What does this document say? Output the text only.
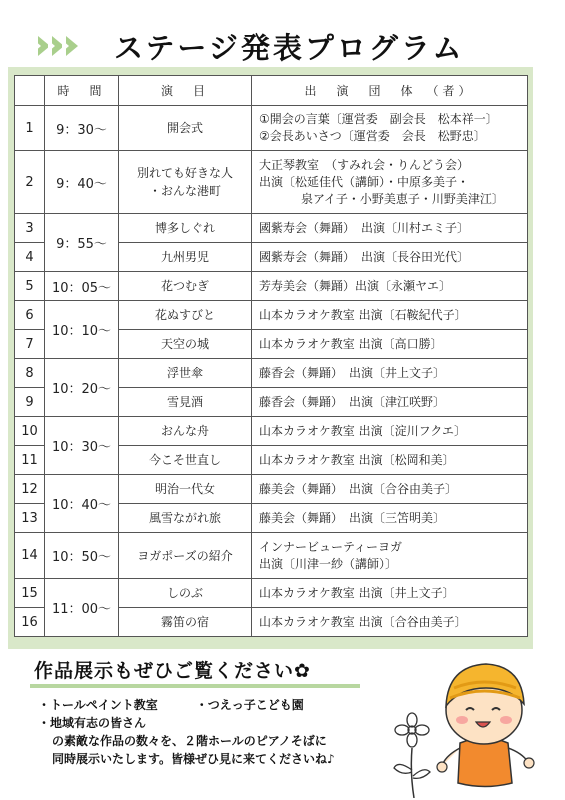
ステージ発表プログラム
	時　間	演　目	出　演　団　体　（者）
1	9：30～	開会式	①開会の言葉〔運営委　副会長　松本祥一〕
②会長あいさつ〔運営委　会長　松野忠〕
2	9：40～	別れても好きな人
・おんな港町	大正琴教室　（すみれ会・りんどう会）
出演〔松延佳代（講師）・中原多美子・

泉アイ子・小野美恵子・川野美津江〕

3	9：55～	博多しぐれ	國紫寿会（舞踊）　出演〔川村エミ子〕
4		九州男児	國紫寿会（舞踊）　出演〔長谷田光代〕
5	10：05～	花つむぎ	芳寿美会（舞踊）出演〔永瀬ヤエ〕
6	10：10～	花ぬすびと	山本カラオケ教室 出演〔石鞍紀代子〕
7		天空の城	山本カラオケ教室 出演〔高口勝〕
8	10：20～	浮世傘	藤香会（舞踊）　出演〔井上文子〕
9		雪見酒	藤香会（舞踊）　出演〔津江咲野〕
10	10：30～	おんな舟	山本カラオケ教室 出演〔淀川フクエ〕
11		今こそ世直し	山本カラオケ教室 出演〔松岡和美〕
12	10：40～	明治一代女	藤美会（舞踊）　出演〔合谷由美子〕
13		風雪ながれ旅	藤美会（舞踊）　出演〔三笘明美〕
14	10：50～	ヨガポーズの紹介	インナービューティーヨガ
出演〔川津一紗（講師）〕
15	11：00～	しのぶ	山本カラオケ教室 出演〔井上文子〕
16		霧笛の宿	山本カラオケ教室 出演〔合谷由美子〕
作品展示もぜひご覧ください✿
・トールペイント教室	・つえっ子こども園
・地域有志の皆さん
の素敵な作品の数々を、２階ホールのピアノそばに
同時展示いたします。皆様ぜひ見に来てくださいね♪
